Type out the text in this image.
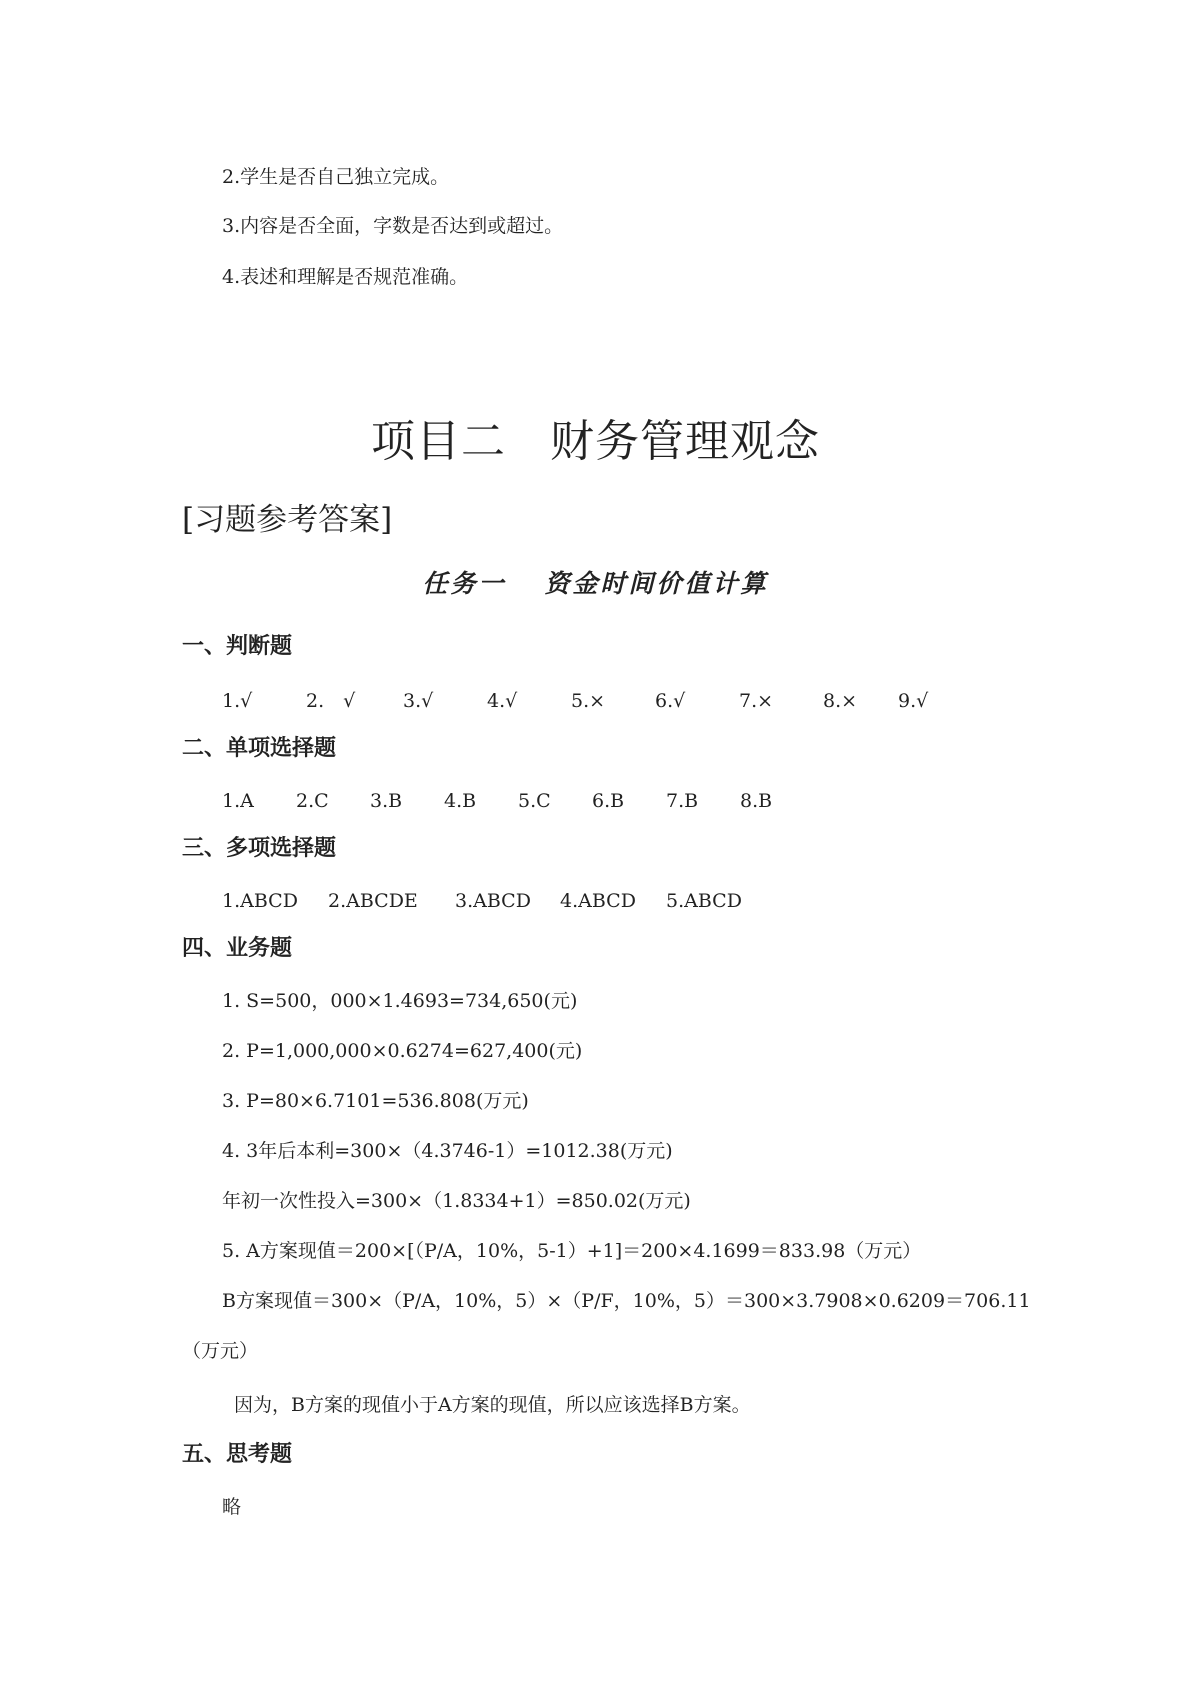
2.学生是否自己独立完成。
3.内容是否全面，字数是否达到或超过。
4.表述和理解是否规范准确。
项目二 财务管理观念
[习题参考答案]
任务一 资金时间价值计算
一、判断题
1.√	2.　√	3.√	4.√	5.×	6.√	7.×	8.× 9.√
二、单项选择题
1.A 2.C 3.B 4.B 5.C 6.B 7.B 8.B
三、多项选择题
1.ABCD 2.ABCDE 3.ABCD 4.ABCD 5.ABCD
四、业务题
1. S=500，000×1.4693=734,650(元)
2. P=1,000,000×0.6274=627,400(元)
3. P=80×6.7101=536.808(万元)
4. 3年后本利=300×（4.3746-1）=1012.38(万元)
年初一次性投入=300×（1.8334+1）=850.02(万元)
5. A方案现值＝200×[（P/A，10%，5-1）+1]＝200×4.1699＝833.98（万元）
B方案现值＝300×（P/A，10%，5）×（P/F，10%，5）＝300×3.7908×0.6209＝706.11
（万元）
因为，B方案的现值小于A方案的现值，所以应该选择B方案。
五、思考题
略
